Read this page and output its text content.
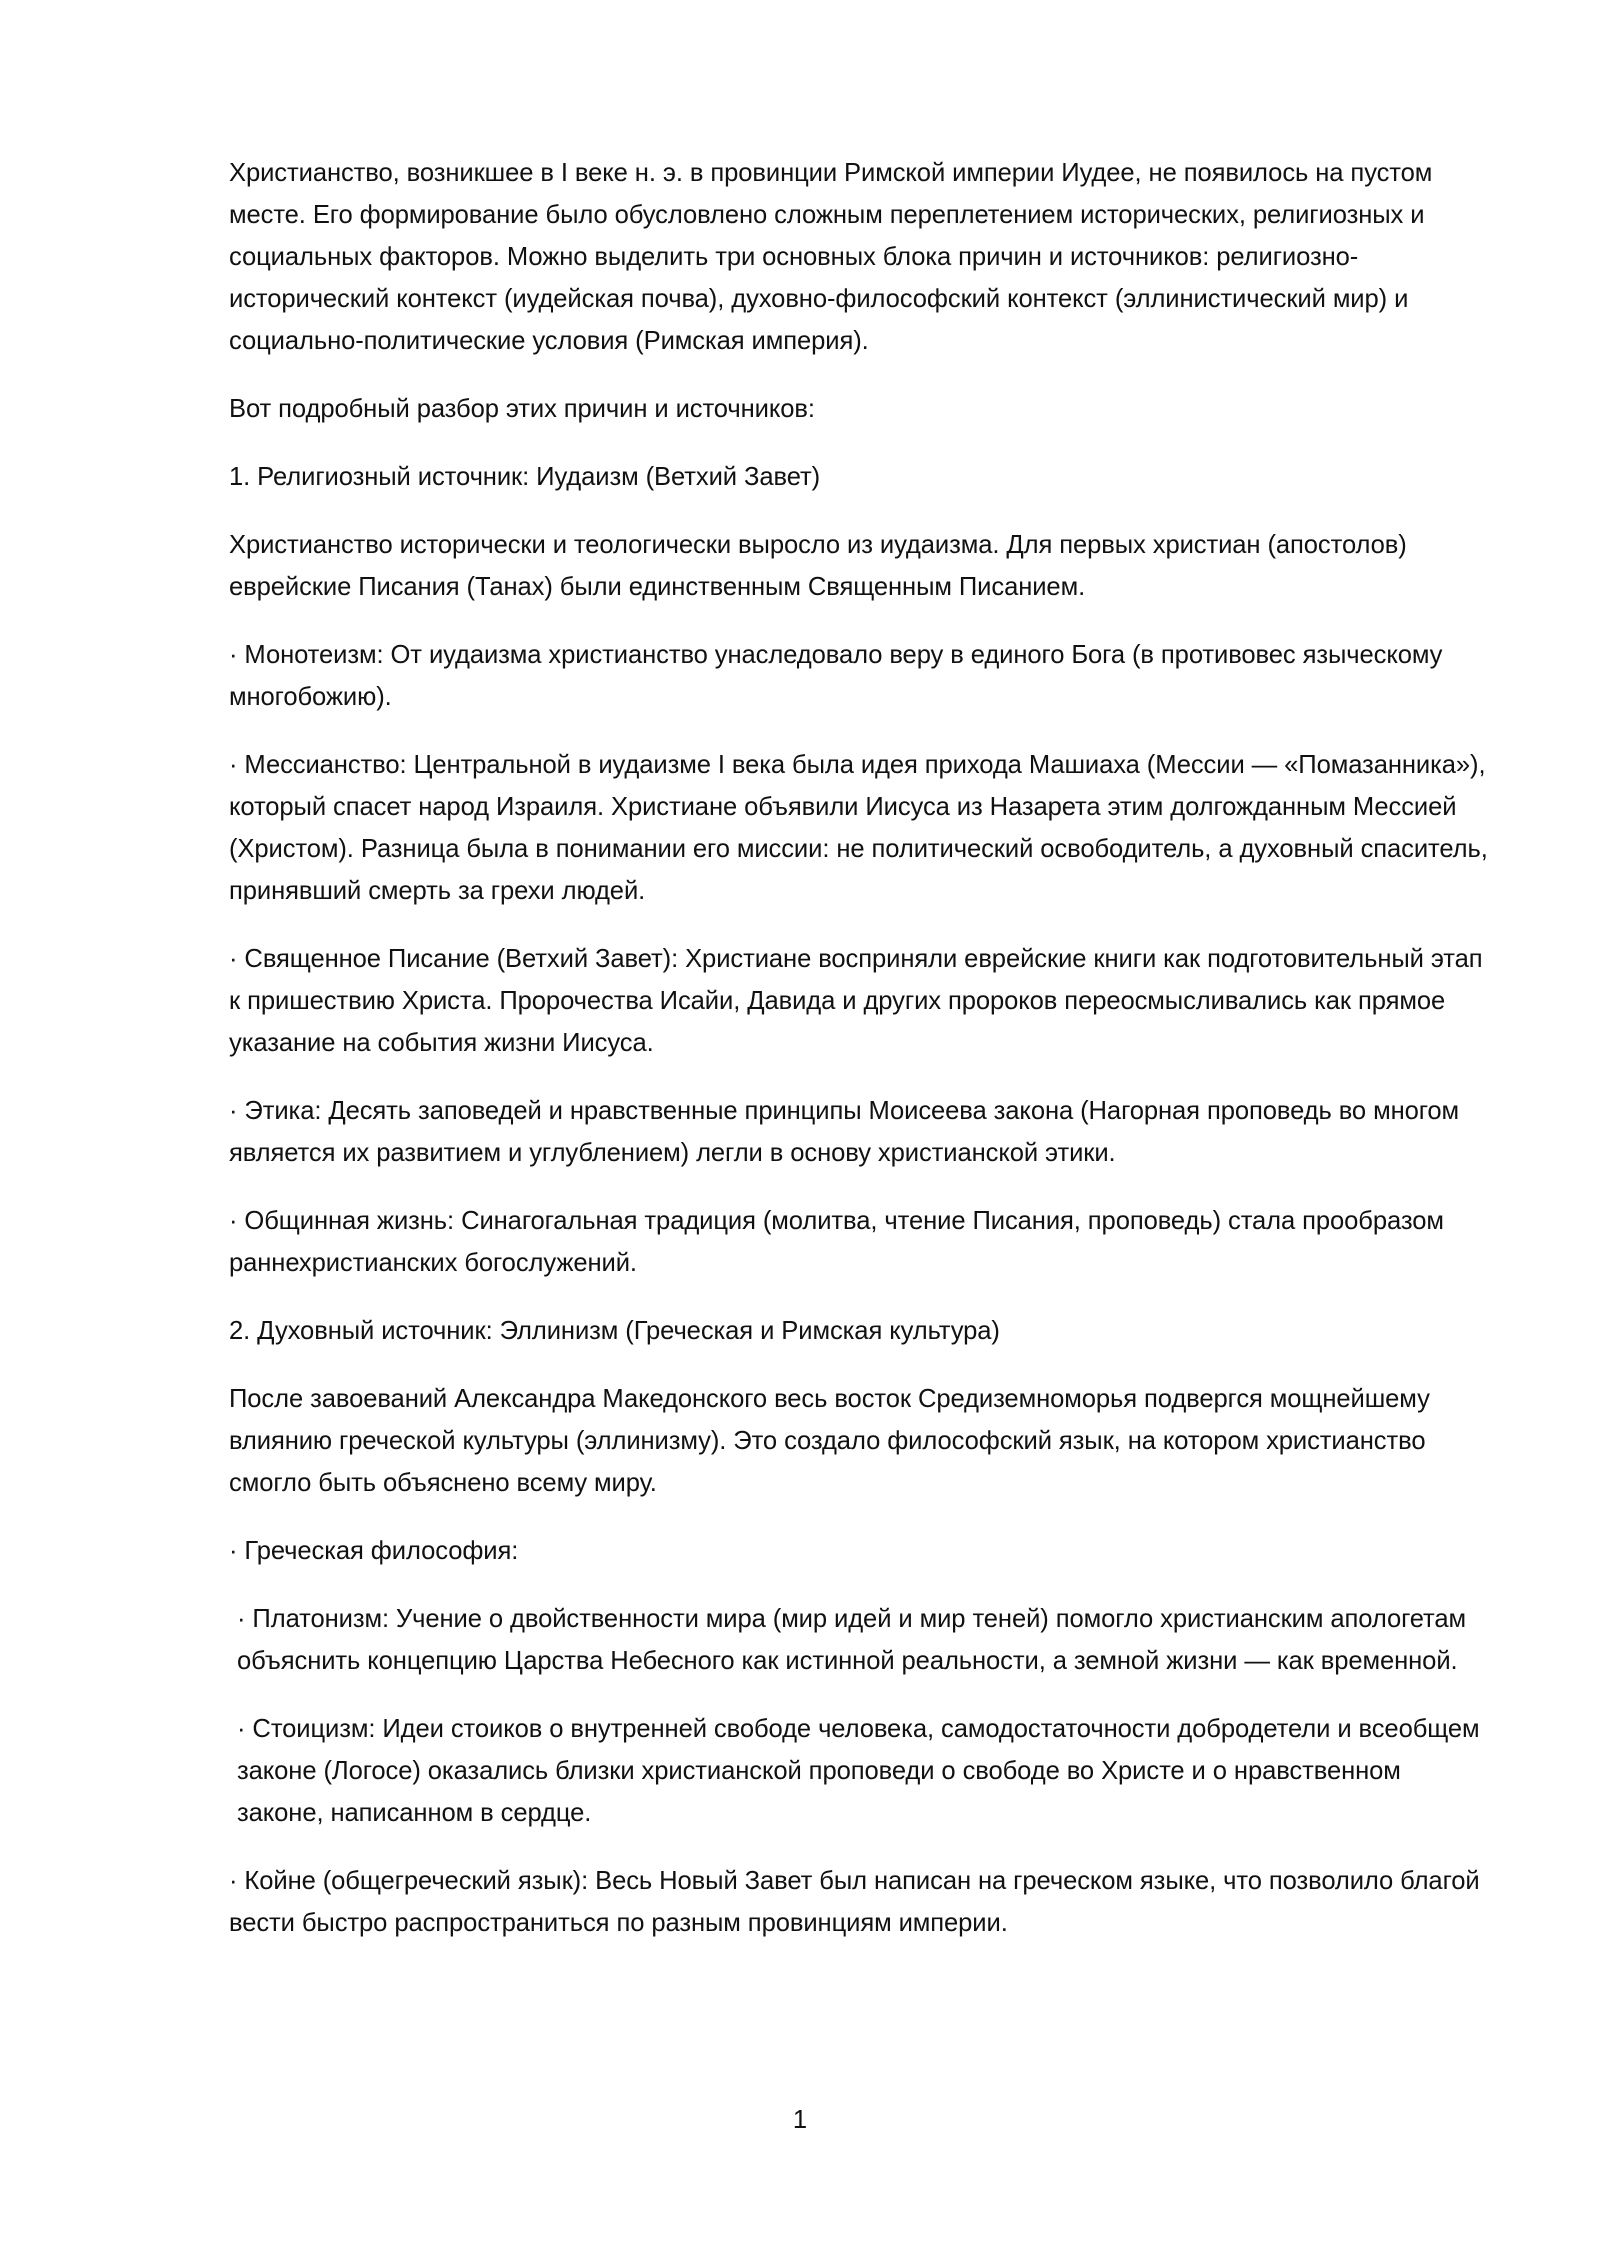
Христианство, возникшее в I веке н. э. в провинции Римской империи Иудее, не появилось на пустом месте. Его формирование было обусловлено сложным переплетением исторических, религиозных и социальных факторов. Можно выделить три основных блока причин и источников: религиозно-исторический контекст (иудейская почва), духовно-философский контекст (эллинистический мир) и социально-политические условия (Римская империя).

Вот подробный разбор этих причин и источников:

1. Религиозный источник: Иудаизм (Ветхий Завет)

Христианство исторически и теологически выросло из иудаизма. Для первых христиан (апостолов) еврейские Писания (Танах) были единственным Священным Писанием.

· Монотеизм: От иудаизма христианство унаследовало веру в единого Бога (в противовес языческому многобожию).

· Мессианство: Центральной в иудаизме I века была идея прихода Машиаха (Мессии — «Помазанника»), который спасет народ Израиля. Христиане объявили Иисуса из Назарета этим долгожданным Мессией (Христом). Разница была в понимании его миссии: не политический освободитель, а духовный спаситель, принявший смерть за грехи людей.

· Священное Писание (Ветхий Завет): Христиане восприняли еврейские книги как подготовительный этап к пришествию Христа. Пророчества Исайи, Давида и других пророков переосмысливались как прямое указание на события жизни Иисуса.

· Этика: Десять заповедей и нравственные принципы Моисеева закона (Нагорная проповедь во многом является их развитием и углублением) легли в основу христианской этики.

· Общинная жизнь: Синагогальная традиция (молитва, чтение Писания, проповедь) стала прообразом раннехристианских богослужений.

2. Духовный источник: Эллинизм (Греческая и Римская культура)

После завоеваний Александра Македонского весь восток Средиземноморья подвергся мощнейшему влиянию греческой культуры (эллинизму). Это создало философский язык, на котором христианство смогло быть объяснено всему миру.

· Греческая философия:

· Платонизм: Учение о двойственности мира (мир идей и мир теней) помогло христианским апологетам объяснить концепцию Царства Небесного как истинной реальности, а земной жизни — как временной.

· Стоицизм: Идеи стоиков о внутренней свободе человека, самодостаточности добродетели и всеобщем законе (Логосе) оказались близки христианской проповеди о свободе во Христе и о нравственном законе, написанном в сердце.

· Койне (общегреческий язык): Весь Новый Завет был написан на греческом языке, что позволило благой вести быстро распространиться по разным провинциям империи.

1
